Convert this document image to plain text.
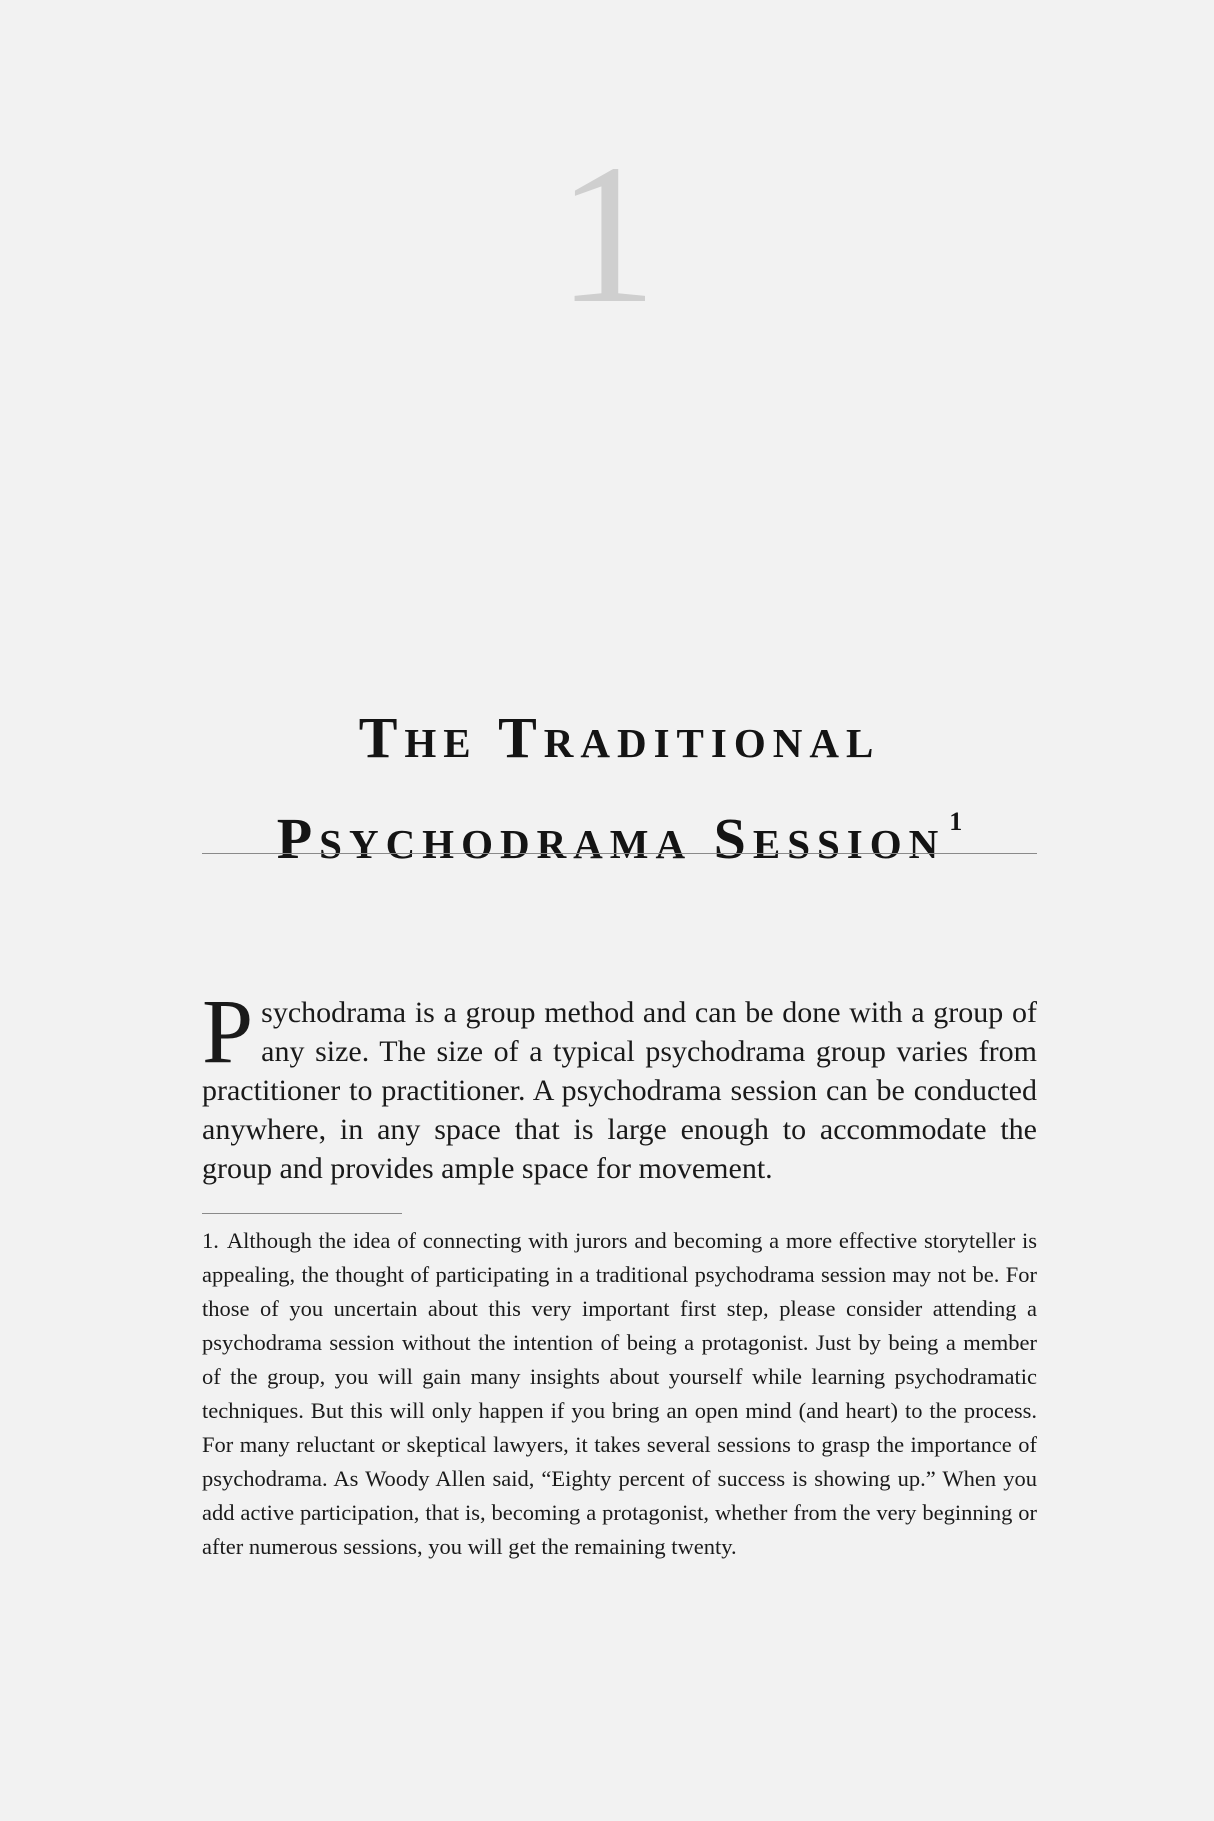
1
The Traditional
Psychodrama Session $^1$

Psychodrama is a group method and can be done with a group of any size. The size of a typical psychodrama group varies from practitioner to practitioner. A psychodrama session can be conducted anywhere, in any space that is large enough to accommodate the group and provides ample space for movement.

1. Although the idea of connecting with jurors and becoming a more effective storyteller is appealing, the thought of participating in a traditional psychodrama session may not be. For those of you uncertain about this very important first step, please consider attending a psychodrama session without the intention of being a protagonist. Just by being a member of the group, you will gain many insights about yourself while learning psychodramatic techniques. But this will only happen if you bring an open mind (and heart) to the process. For many reluctant or skeptical lawyers, it takes several sessions to grasp the importance of psychodrama. As Woody Allen said, “Eighty percent of success is showing up.” When you add active participation, that is, becoming a protagonist, whether from the very beginning or after numerous sessions, you will get the remaining twenty.
